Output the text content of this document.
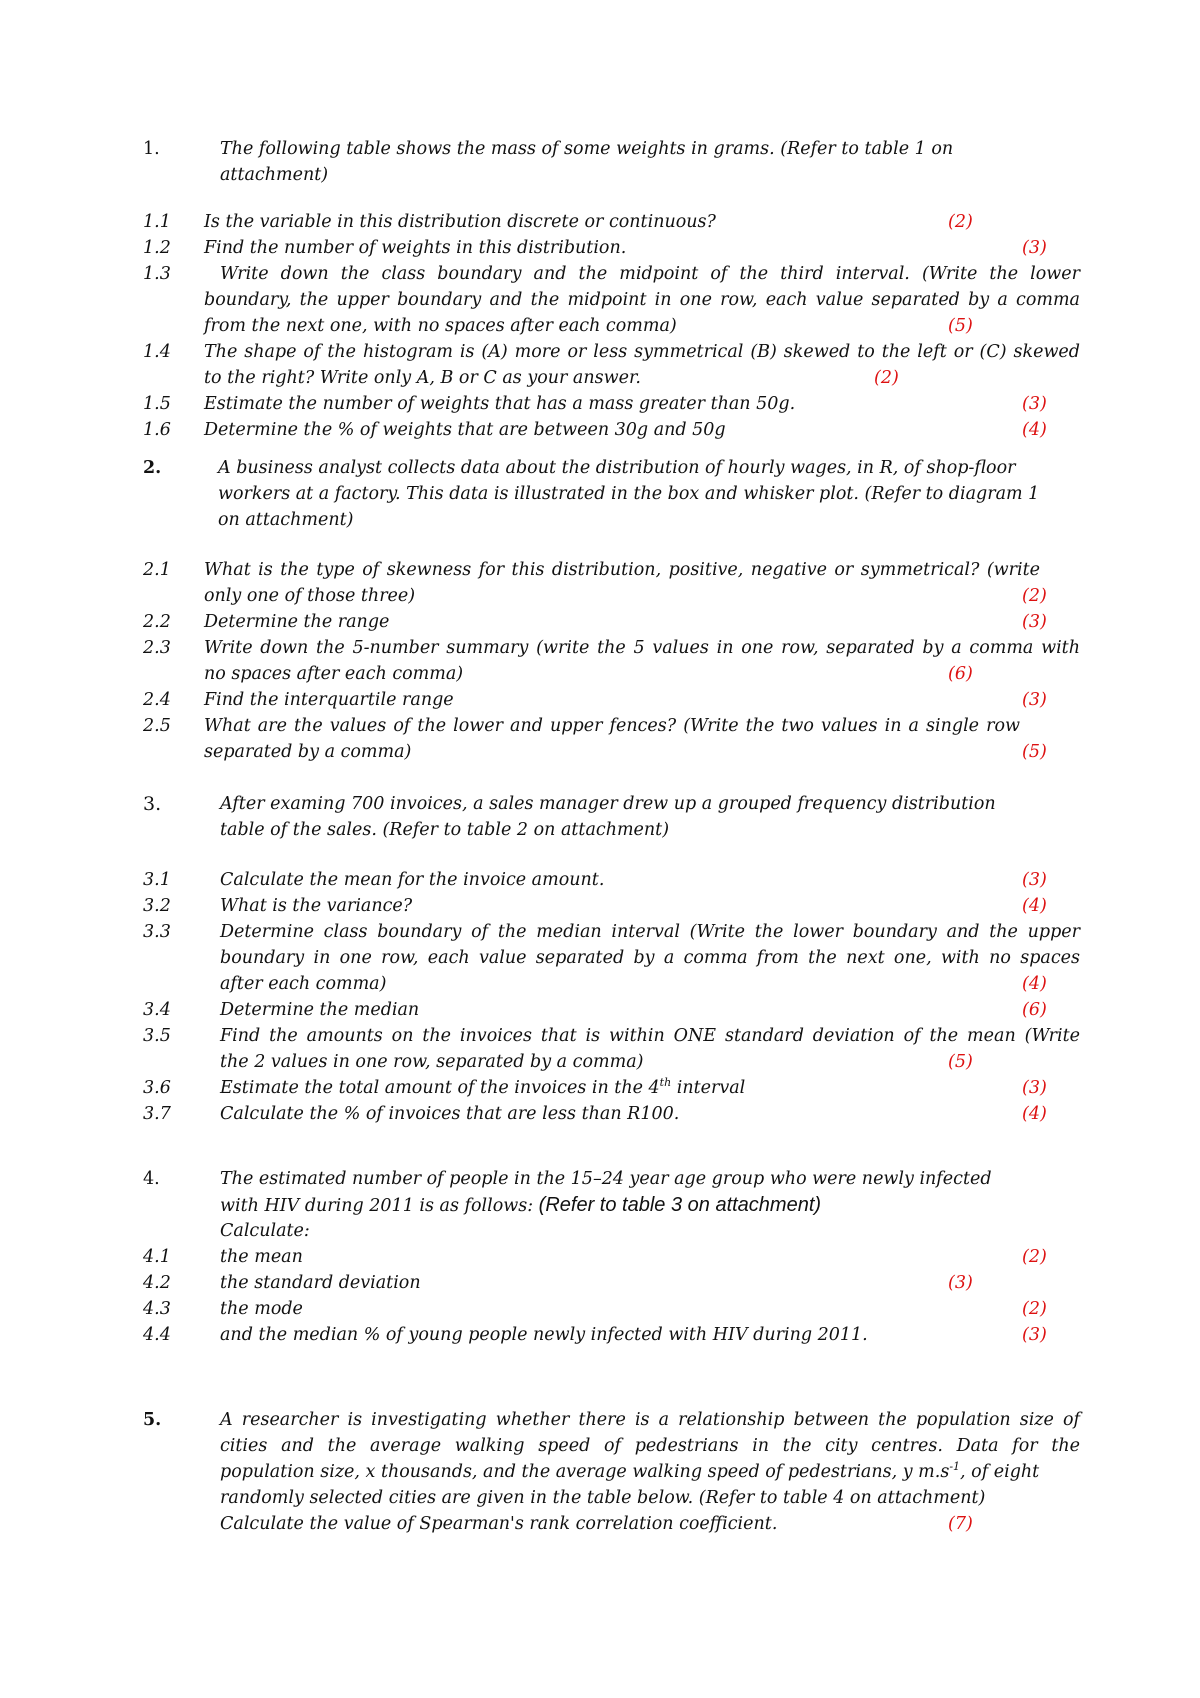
1.	The following table shows the mass of some weights in grams. (Refer to table 1 on
attachment)
1.1 Is the variable in this distribution discrete or continuous?	(2)
1.2 Find the number of weights in this distribution.	(3)
1.3	Write down the class boundary and the midpoint of the third interval. (Write the lower
boundary, the upper boundary and the midpoint in one row, each value separated by a comma
from the next one, with no spaces after each comma)	(5)
1.4 The shape of the histogram is (A) more or less symmetrical (B) skewed to the left or (C) skewed
to the right? Write only A, B or C as your answer.	(2)
1.5 Estimate the number of weights that has a mass greater than 50g.	(3)
1.6 Determine the % of weights that are between 30g and 50g	(4)
2.	A business analyst collects data about the distribution of hourly wages, in R, of shop-floor
workers at a factory. This data is illustrated in the box and whisker plot. (Refer to diagram 1
on attachment)
2.1 What is the type of skewness for this distribution, positive, negative or symmetrical? (write
only one of those three)	(2)
2.2 Determine the range	(3)
2.3 Write down the 5-number summary (write the 5 values in one row, separated by a comma with
no spaces after each comma)	(6)
2.4 Find the interquartile range	(3)
2.5 What are the values of the lower and upper fences? (Write the two values in a single row
separated by a comma)	(5)
3.	After examing 700 invoices, a sales manager drew up a grouped frequency distribution
table of the sales. (Refer to table 2 on attachment)
3.1	Calculate the mean for the invoice amount.	(3)
3.2	What is the variance?	(4)
3.3	Determine class boundary of the median interval (Write the lower boundary and the upper
boundary in one row, each value separated by a comma from the next one, with no spaces
after each comma)	(4)
3.4	Determine the median	(6)
3.5	Find the amounts on the invoices that is within ONE standard deviation of the mean (Write
the 2 values in one row, separated by a comma)	(5)
3.6	Estimate the total amount of the invoices in the 4th interval	(3)
3.7	Calculate the % of invoices that are less than R100.	(4)
4.	The estimated number of people in the 15–24 year age group who were newly infected
with HIV during 2011 is as follows: (Refer to table 3 on attachment)
Calculate:
4.1	the mean	(2)
4.2	the standard deviation	(3)
4.3	the mode	(2)
4.4	and the median % of young people newly infected with HIV during 2011.	(3)
5.	A researcher is investigating whether there is a relationship between the population size of
cities and the average walking speed of pedestrians in the city centres. Data for the
population size, x thousands, and the average walking speed of pedestrians, y $m.s^{-1}$, of eight
randomly selected cities are given in the table below. (Refer to table 4 on attachment)
Calculate the value of Spearman's rank correlation coefficient.	(7)
